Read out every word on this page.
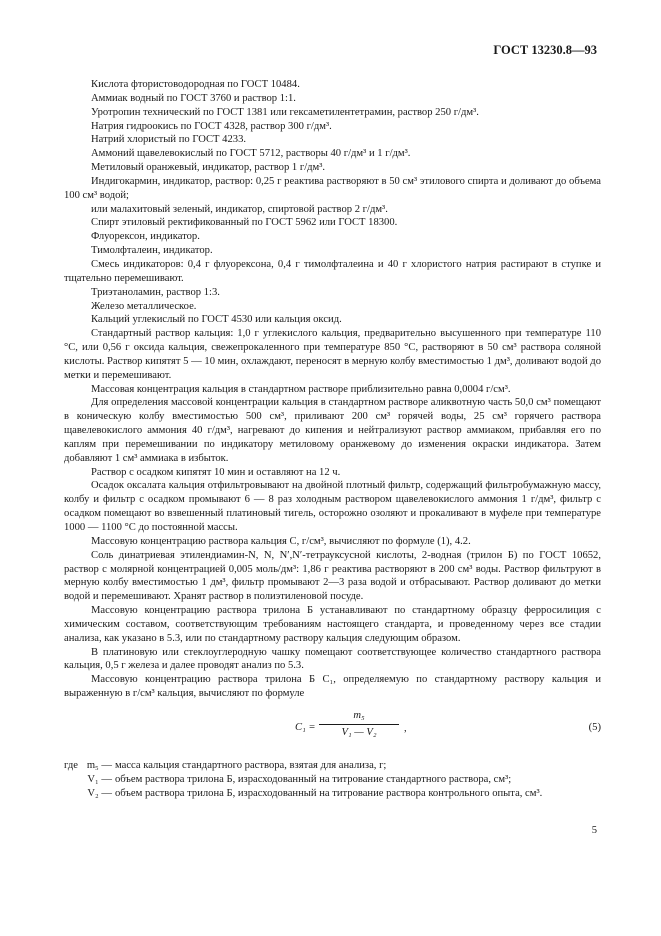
ГОСТ 13230.8—93

Кислота фтористоводородная по ГОСТ 10484.

Аммиак водный по ГОСТ 3760 и раствор 1:1.

Уротропин технический по ГОСТ 1381 или гексаметилентетрамин, раствор 250 г/дм³.

Натрия гидроокись по ГОСТ 4328, раствор 300 г/дм³.

Натрий хлористый по ГОСТ 4233.

Аммоний щавелевокислый по ГОСТ 5712, растворы 40 г/дм³ и 1 г/дм³.

Метиловый оранжевый, индикатор, раствор 1 г/дм³.

Индигокармин, индикатор, раствор: 0,25 г реактива растворяют в 50 см³ этилового спирта и доливают до объема 100 см³ водой;

или малахитовый зеленый, индикатор, спиртовой раствор 2 г/дм³.

Спирт этиловый ректификованный по ГОСТ 5962 или ГОСТ 18300.

Флуорексон, индикатор.

Тимолфталеин, индикатор.

Смесь индикаторов: 0,4 г флуорексона, 0,4 г тимолфталеина и 40 г хлористого натрия растирают в ступке и тщательно перемешивают.

Триэтаноламин, раствор 1:3.

Железо металлическое.

Кальций углекислый по ГОСТ 4530 или кальция оксид.

Стандартный раствор кальция: 1,0 г углекислого кальция, предварительно высушенного при температуре 110 °С, или 0,56 г оксида кальция, свежепрокаленного при температуре 850 °С, растворяют в 50 см³ раствора соляной кислоты. Раствор кипятят 5 — 10 мин, охлаждают, переносят в мерную колбу вместимостью 1 дм³, доливают водой до метки и перемешивают.

Массовая концентрация кальция в стандартном растворе приблизительно равна 0,0004 г/см³.

Для определения массовой концентрации кальция в стандартном растворе аликвотную часть 50,0 см³ помещают в коническую колбу вместимостью 500 см³, приливают 200 см³ горячей воды, 25 см³ горячего раствора щавелевокислого аммония 40 г/дм³, нагревают до кипения и нейтрализуют раствор аммиаком, прибавляя его по каплям при перемешивании по индикатору метиловому оранжевому до изменения окраски индикатора. Затем добавляют 1 см³ аммиака в избыток.

Раствор с осадком кипятят 10 мин и оставляют на 12 ч.

Осадок оксалата кальция отфильтровывают на двойной плотный фильтр, содержащий фильтробумажную массу, колбу и фильтр с осадком промывают 6 — 8 раз холодным раствором щавелевокислого аммония 1 г/дм³, фильтр с осадком помещают во взвешенный платиновый тигель, осторожно озоляют и прокаливают в муфеле при температуре 1000 — 1100 °С до постоянной массы.

Массовую концентрацию раствора кальция C, г/см³, вычисляют по формуле (1), 4.2.

Соль динатриевая этилендиамин-N, N, N′,N′-тетрауксусной кислоты, 2-водная (трилон Б) по ГОСТ 10652, раствор с молярной концентрацией 0,005 моль/дм³: 1,86 г реактива растворяют в 200 см³ воды. Раствор фильтруют в мерную колбу вместимостью 1 дм³, фильтр промывают 2—3 раза водой и отбрасывают. Раствор доливают до метки водой и перемешивают. Хранят раствор в полиэтиленовой посуде.

Массовую концентрацию раствора трилона Б устанавливают по стандартному образцу ферросилиция с химическим составом, соответствующим требованиям настоящего стандарта, и проведенному через все стадии анализа, как указано в 5.3, или по стандартному раствору кальция следующим образом.

В платиновую или стеклоуглеродную чашку помещают соответствующее количество стандартного раствора кальция, 0,5 г железа и далее проводят анализ по 5.3.

Массовую концентрацию раствора трилона Б C₁, определяемую по стандартному раствору кальция и выраженную в г/см³ кальция, вычисляют по формуле

$C_1 = \frac{\text{m₅}}{\text{V₁ — V₂}}$ ,	(5)
где m₅ — масса кальция стандартного раствора, взятая для анализа, г;
V₁ — объем раствора трилона Б, израсходованный на титрование стандартного раствора, см³;
V₂ — объем раствора трилона Б, израсходованный на титрование раствора контрольного опыта, см³.
5
